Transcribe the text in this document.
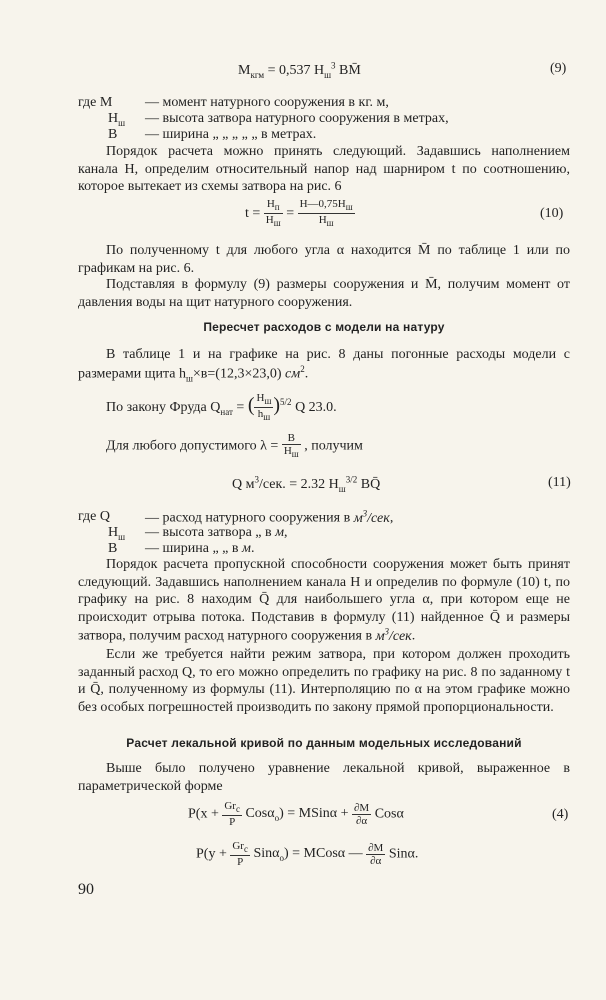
$M_{кгм} = 0,537$ $H_ш^3$ BM̄	(9)
где M	— момент натурного сооружения в кг. м,
$H_ш$ — высота затвора натурного сооружения в метрах,
B — ширина „ „ „ „ „ в метрах.
Порядок расчета можно принять следующий. Задавшись наполнением канала H, определим относительный напор над шарниром t по соотношению, которое вытекает из схемы затвора на рис. 6
$t = \frac{H_п}{H_ш} = \frac{H—0,75H_ш}{H_ш}$	(10)
По полученному t для любого угла α находится M̄ по таблице 1 или по графикам на рис. 6.
Подставляя в формулу (9) размеры сооружения и M̄, получим момент от давления воды на щит натурного сооружения.
Пересчет расходов с модели на натуру
В таблице 1 и на графике на рис. 8 даны погонные расходы модели с размерами щита $h_ш\times в=(12,3\times 23,0)$ $см^2$.
По закону Фруда $Q_{нат}$ = ( $\frac{H_ш}{h_ш} )^{5/2}$ Q 23.0.
Для любого допустимого $\lambda = \frac{B}{H_ш}$ , получим
Q $м^3$/сек. = 2.32 $H_ш^{3/2}$ BQ̄	(11)
где Q	— расход натурного сооружения в $м^3$/сек,
$H_ш$ — высота затвора „ в м,
B — ширина „ „ в м.
Порядок расчета пропускной способности сооружения может быть принят следующий. Задавшись наполнением канала H и определив по формуле (10) t, по графику на рис. 8 находим Q̄ для наибольшего угла α, при котором еще не происходит отрыва потока. Подставив в формулу (11) найденное Q̄ и размеры затвора, получим расход натурного сооружения в $м^3$/сек.
Если же требуется найти режим затвора, при котором должен проходить заданный расход Q, то его можно определить по графику на рис. 8 по заданному t и Q̄, полученному из формулы (11). Интерполяцию по α на этом графике можно без особых погрешностей производить по закону прямой пропорциональности.
Расчет лекальной кривой по данным модельных исследований
Выше было получено уравнение лекальной кривой, выраженное в параметрической форме
$P(x + \frac{Gr_c}{P} Cos\alpha_o)$ = MSinα + $\frac{\partial M}{\partial\alpha}$ Cosα	(4)
$P(y + \frac{Gr_c}{P} Sin\alpha_o)$ = MCosα — $\frac{\partial M}{\partial\alpha} Sin\alpha$.
90
